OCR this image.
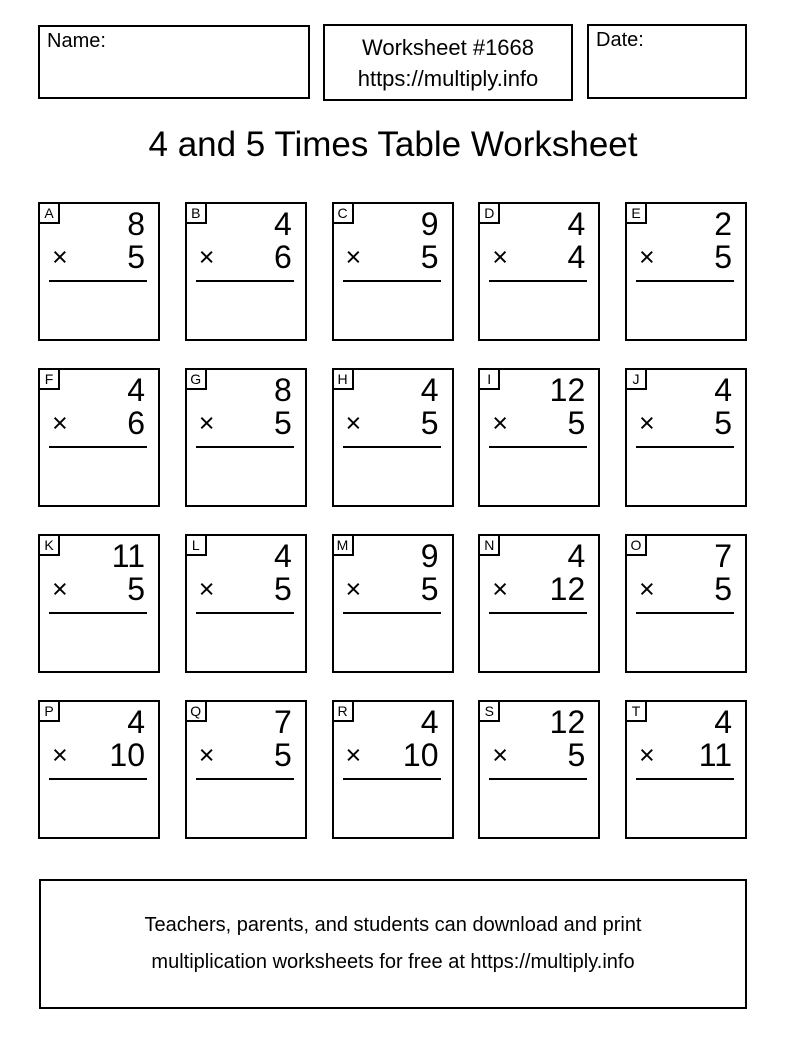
Name:	Worksheet #1668
https://multiply.info
Date:
4 and 5 Times Table Worksheet
A 8
× 5
B 4
× 6
C 9
× 5
D 4
× 4
E 2
× 5
F 4
× 6
G 8
× 5
H 4
× 5
I 12
× 5
J 4
× 5
K 11
× 5
L 4
× 5
M 9
× 5
N 4
× 12
O 7
× 5
P 4
× 10
Q 7
× 5
R 4
× 10
S 12
× 5
T 4
× 11
Teachers, parents, and students can download and print
multiplication worksheets for free at https://multiply.info
